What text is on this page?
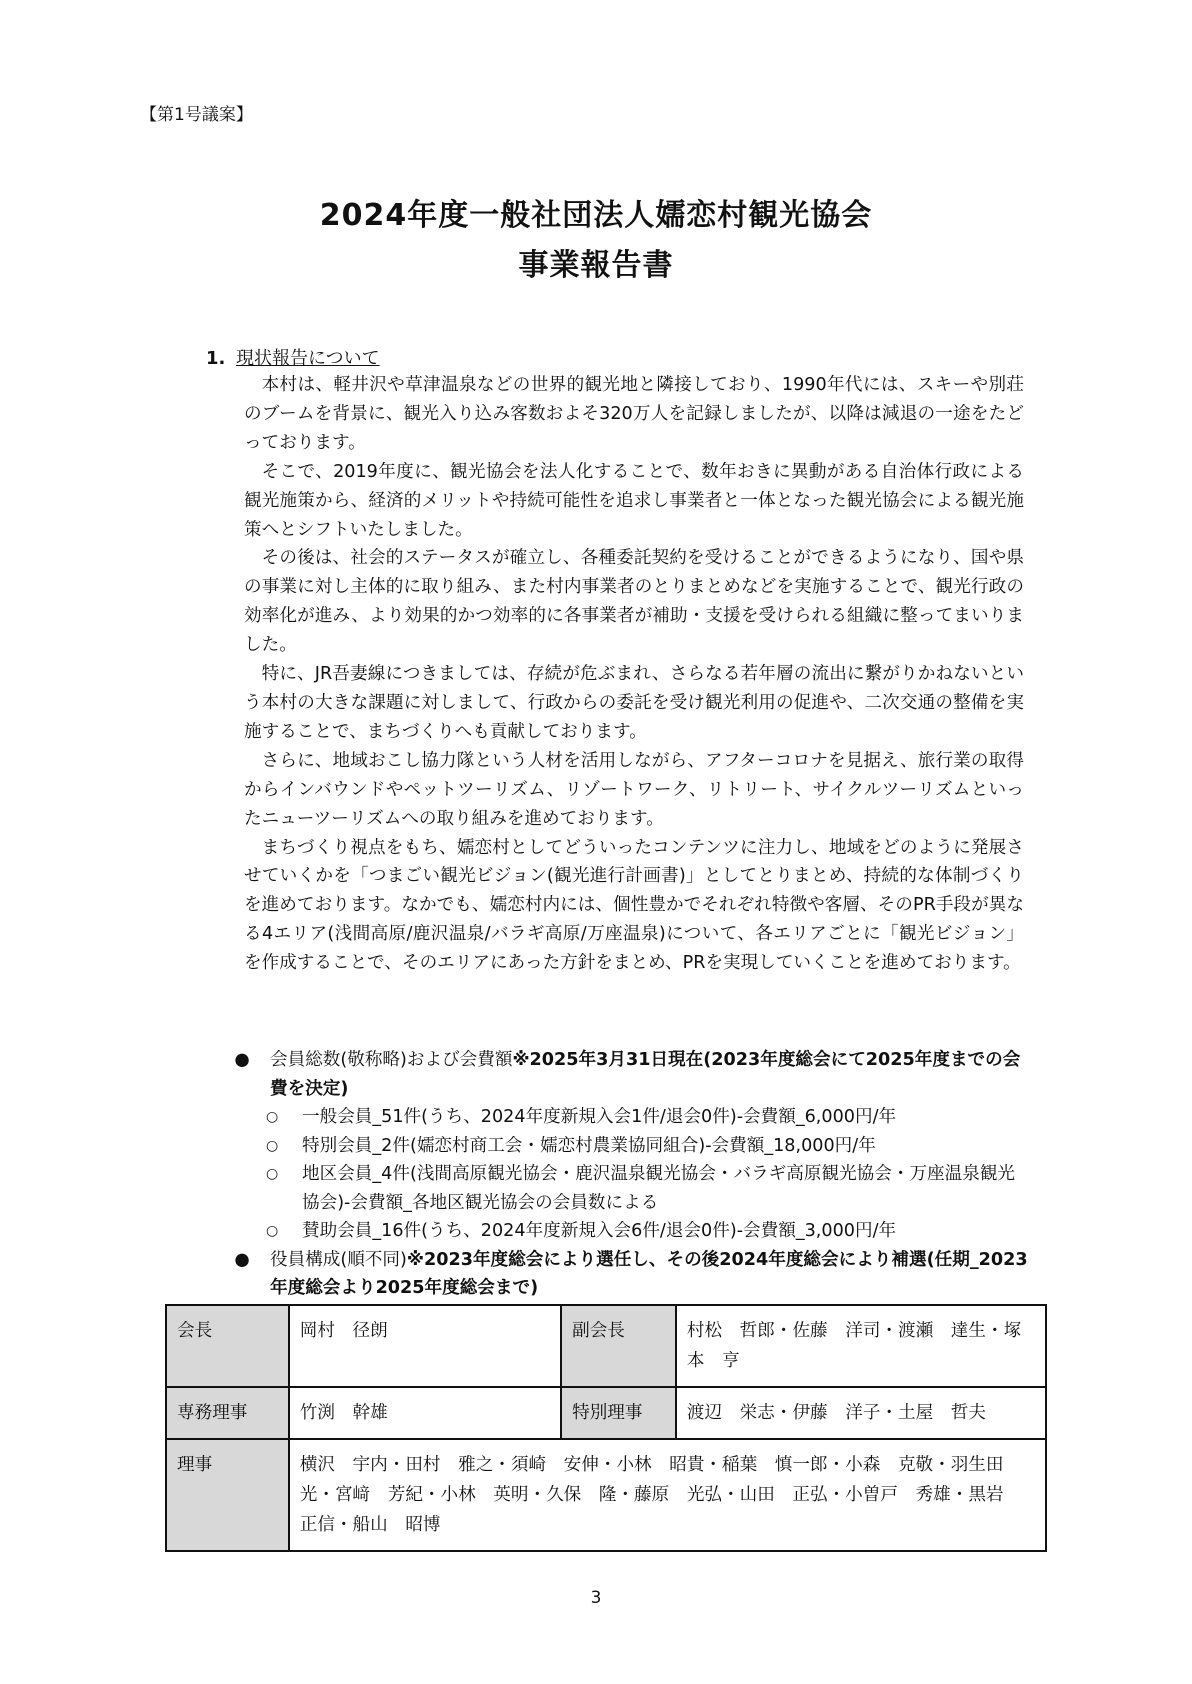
【第1号議案】
2024年度一般社団法人嬬恋村観光協会
事業報告書
1. 現状報告について

本村は、軽井沢や草津温泉などの世界的観光地と隣接しており、1990年代には、スキーや別荘のブームを背景に、観光入り込み客数およそ320万人を記録しましたが、以降は減退の一途をたどっております。

そこで、2019年度に、観光協会を法人化することで、数年おきに異動がある自治体行政による観光施策から、経済的メリットや持続可能性を追求し事業者と一体となった観光協会による観光施策へとシフトいたしました。

その後は、社会的ステータスが確立し、各種委託契約を受けることができるようになり、国や県の事業に対し主体的に取り組み、また村内事業者のとりまとめなどを実施することで、観光行政の効率化が進み、より効果的かつ効率的に各事業者が補助・支援を受けられる組織に整ってまいりました。

特に、JR吾妻線につきましては、存続が危ぶまれ、さらなる若年層の流出に繋がりかねないという本村の大きな課題に対しまして、行政からの委託を受け観光利用の促進や、二次交通の整備を実施することで、まちづくりへも貢献しております。

さらに、地域おこし協力隊という人材を活用しながら、アフターコロナを見据え、旅行業の取得からインバウンドやペットツーリズム、リゾートワーク、リトリート、サイクルツーリズムといったニューツーリズムへの取り組みを進めております。

まちづくり視点をもち、嬬恋村としてどういったコンテンツに注力し、地域をどのように発展させていくかを「つまごい観光ビジョン(観光進行計画書)」としてとりまとめ、持続的な体制づくりを進めております。なかでも、嬬恋村内には、個性豊かでそれぞれ特徴や客層、そのPR手段が異なる4エリア(浅間高原/鹿沢温泉/バラギ高原/万座温泉)について、各エリアごとに「観光ビジョン」を作成することで、そのエリアにあった方針をまとめ、PRを実現していくことを進めております。

● 会員総数(敬称略)および会費額※2025年3月31日現在(2023年度総会にて2025年度までの会費を決定)
○ 一般会員_51件(うち、2024年度新規入会1件/退会0件)-会費額_6,000円/年
○ 特別会員_2件(嬬恋村商工会・嬬恋村農業協同組合)-会費額_18,000円/年
○ 地区会員_4件(浅間高原観光協会・鹿沢温泉観光協会・バラギ高原観光協会・万座温泉観光協会)-会費額_各地区観光協会の会員数による
○ 賛助会員_16件(うち、2024年度新規入会6件/退会0件)-会費額_3,000円/年
● 役員構成(順不同)※2023年度総会により選任し、その後2024年度総会により補選(任期_2023年度総会より2025年度総会まで)
会長	岡村　径朗	副会長	村松　哲郎・佐藤　洋司・渡瀬　達生・塚本　亨
専務理事	竹渕　幹雄	特別理事	渡辺　栄志・伊藤　洋子・土屋　哲夫
理事	横沢　宇内・田村　雅之・須崎　安伸・小林　昭貴・稲葉　慎一郎・小森　克敬・羽生田　光・宮﨑　芳紀・小林　英明・久保　隆・藤原　光弘・山田　正弘・小曽戸　秀雄・黒岩　正信・船山　昭博		
3
